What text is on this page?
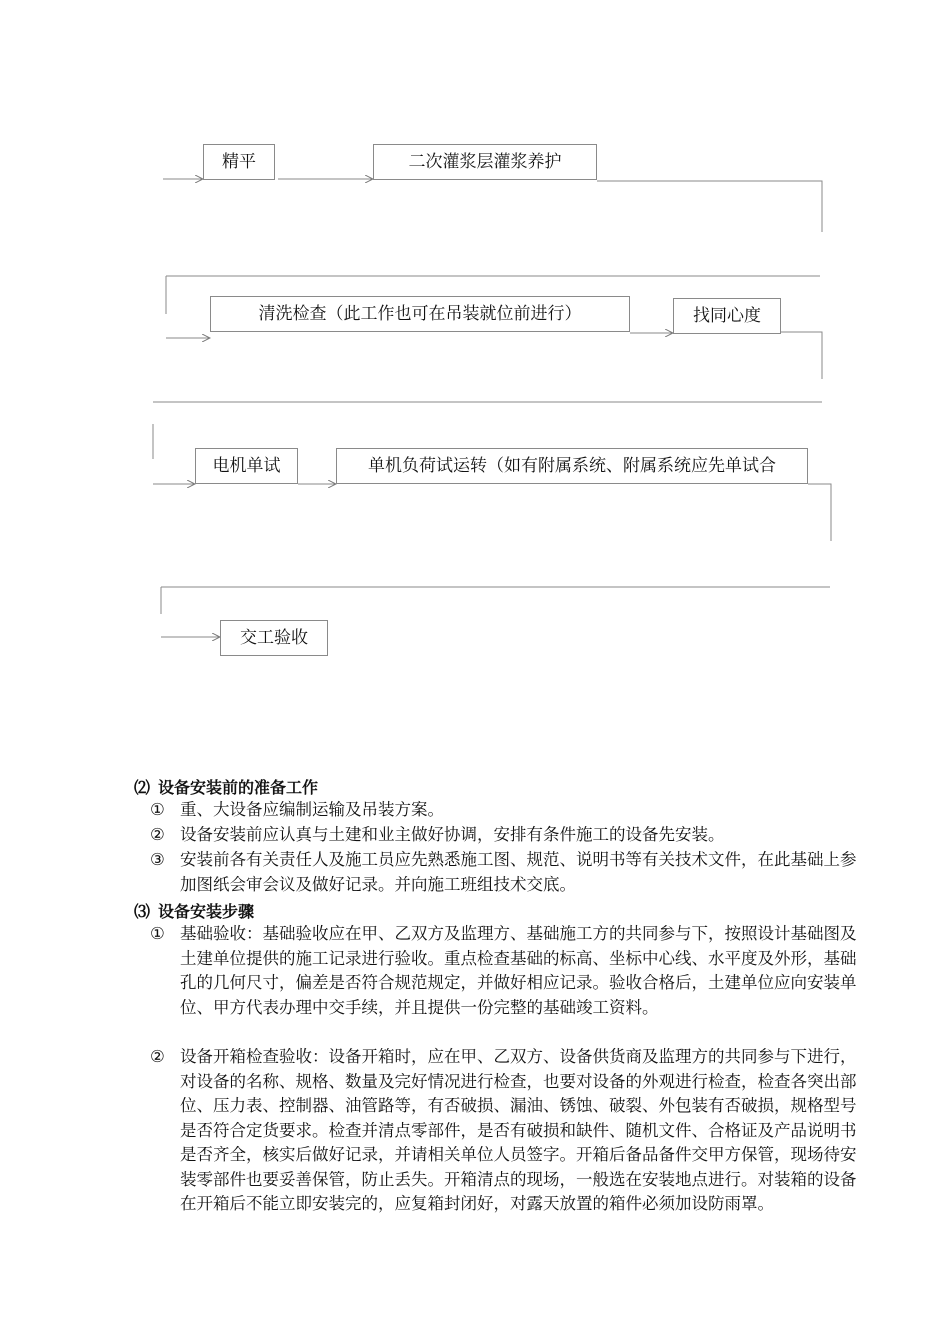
精平	二次灌浆层灌浆养护
清洗检查（此工作也可在吊装就位前进行）	找同心度
电机单试	单机负荷试运转（如有附属系统、附属系统应先单试合
交工验收
⑵ 设备安装前的准备工作
① 重、大设备应编制运输及吊装方案。
② 设备安装前应认真与土建和业主做好协调，安排有条件施工的设备先安装。
③ 安装前各有关责任人及施工员应先熟悉施工图、规范、说明书等有关技术文件，在此基础上参加图纸会审会议及做好记录。并向施工班组技术交底。
⑶ 设备安装步骤
① 基础验收：基础验收应在甲、乙双方及监理方、基础施工方的共同参与下，按照设计基础图及土建单位提供的施工记录进行验收。重点检查基础的标高、坐标中心线、水平度及外形，基础孔的几何尺寸，偏差是否符合规范规定，并做好相应记录。验收合格后，土建单位应向安装单位、甲方代表办理中交手续，并且提供一份完整的基础竣工资料。
② 设备开箱检查验收：设备开箱时，应在甲、乙双方、设备供货商及监理方的共同参与下进行，对设备的名称、规格、数量及完好情况进行检查，也要对设备的外观进行检查，检查各突出部位、压力表、控制器、油管路等，有否破损、漏油、锈蚀、破裂、外包装有否破损，规格型号是否符合定货要求。检查并清点零部件，是否有破损和缺件、随机文件、合格证及产品说明书是否齐全，核实后做好记录，并请相关单位人员签字。开箱后备品备件交甲方保管，现场待安装零部件也要妥善保管，防止丢失。开箱清点的现场，一般选在安装地点进行。对装箱的设备在开箱后不能立即安装完的，应复箱封闭好，对露天放置的箱件必须加设防雨罩。
